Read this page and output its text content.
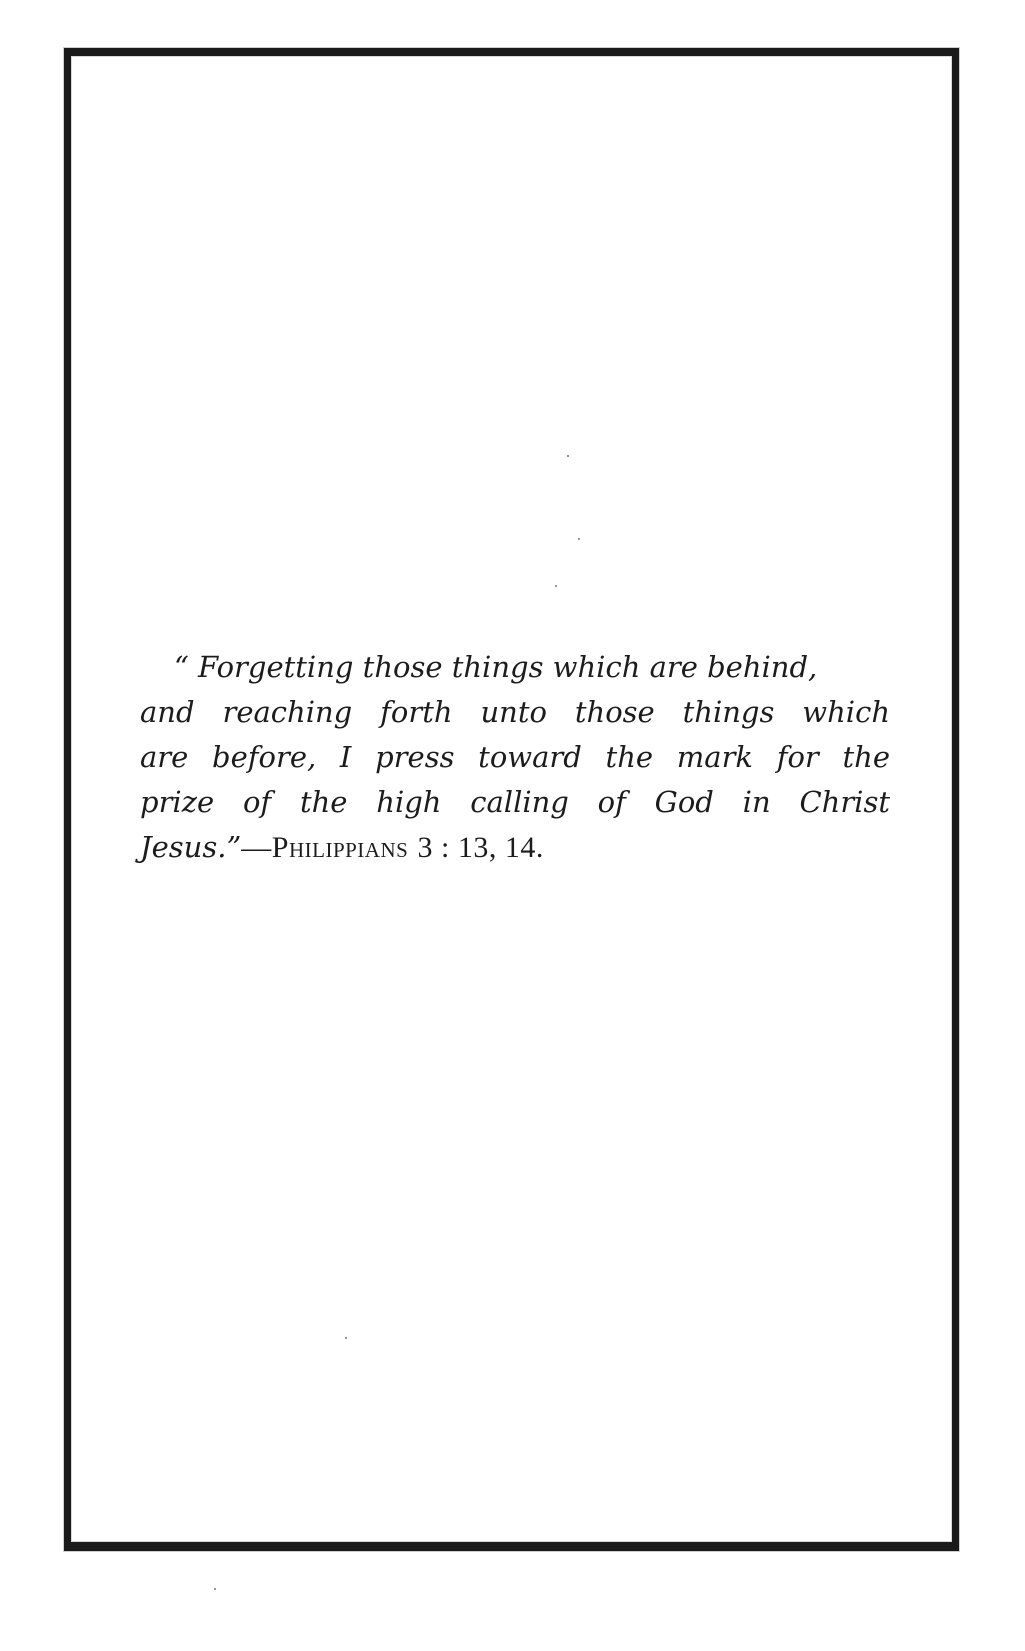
“ Forgetting those things which are behind,
and reaching forth unto those things which
are before, I press toward the mark for the
prize of the high calling of God in Christ
Jesus.”—Philippians 3 : 13, 14.
